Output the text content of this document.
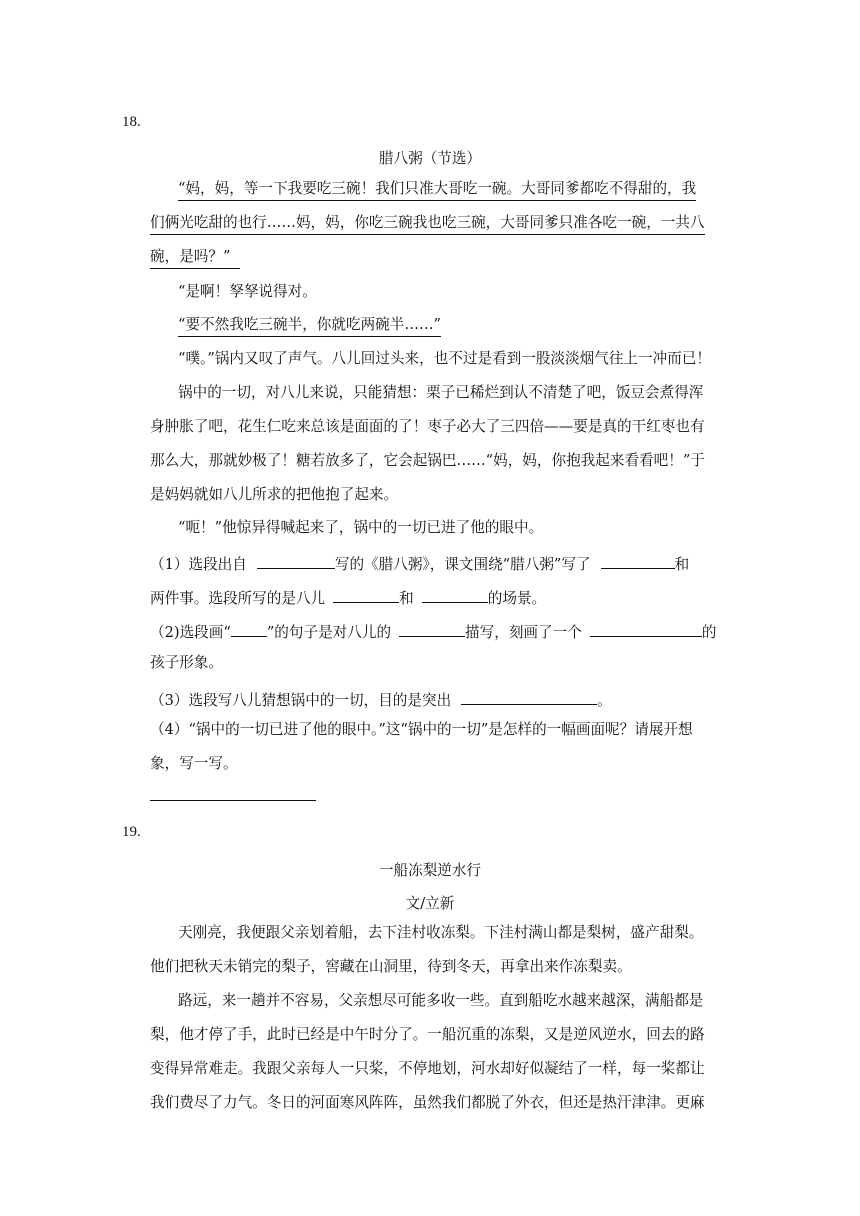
18.
腊八粥（节选）
“妈，妈，等一下我要吃三碗！我们只准大哥吃一碗。大哥同爹都吃不得甜的，我
们俩光吃甜的也行……妈，妈，你吃三碗我也吃三碗，大哥同爹只准各吃一碗，一共八
碗，是吗？”
“是啊！孥孥说得对。
“要不然我吃三碗半，你就吃两碗半……”
“噗。”锅内又叹了声气。八儿回过头来，也不过是看到一股淡淡烟气往上一冲而已！
锅中的一切，对八儿来说，只能猜想：栗子已稀烂到认不清楚了吧，饭豆会煮得浑
身肿胀了吧，花生仁吃来总该是面面的了！枣子必大了三四倍——要是真的干红枣也有
那么大，那就妙极了！糖若放多了，它会起锅巴……“妈，妈，你抱我起来看看吧！”于
是妈妈就如八儿所求的把他抱了起来。
“呃！”他惊异得喊起来了，锅中的一切已进了他的眼中。
（1）选段出自	写的《腊八粥》，课文围绕“腊八粥”写了	和
两件事。选段所写的是八儿	和	的场景。
（2)选段画“ ”的句子是对八儿的	描写，刻画了一个	的
孩子形象。
（3）选段写八儿猜想锅中的一切，目的是突出	。
（4）“锅中的一切已进了他的眼中。”这“锅中的一切”是怎样的一幅画面呢？请展开想
象，写一写。
19.
一船冻梨逆水行
文/立新
天刚亮，我便跟父亲划着船，去下洼村收冻梨。下洼村满山都是梨树，盛产甜梨。
他们把秋天未销完的梨子，窖藏在山洞里，待到冬天，再拿出来作冻梨卖。
路远，来一趟并不容易，父亲想尽可能多收一些。直到船吃水越来越深，满船都是
梨，他才停了手，此时已经是中午时分了。一船沉重的冻梨，又是逆风逆水，回去的路
变得异常难走。我跟父亲每人一只桨，不停地划，河水却好似凝结了一样，每一桨都让
我们费尽了力气。冬日的河面寒风阵阵，虽然我们都脱了外衣，但还是热汗津津。更麻
